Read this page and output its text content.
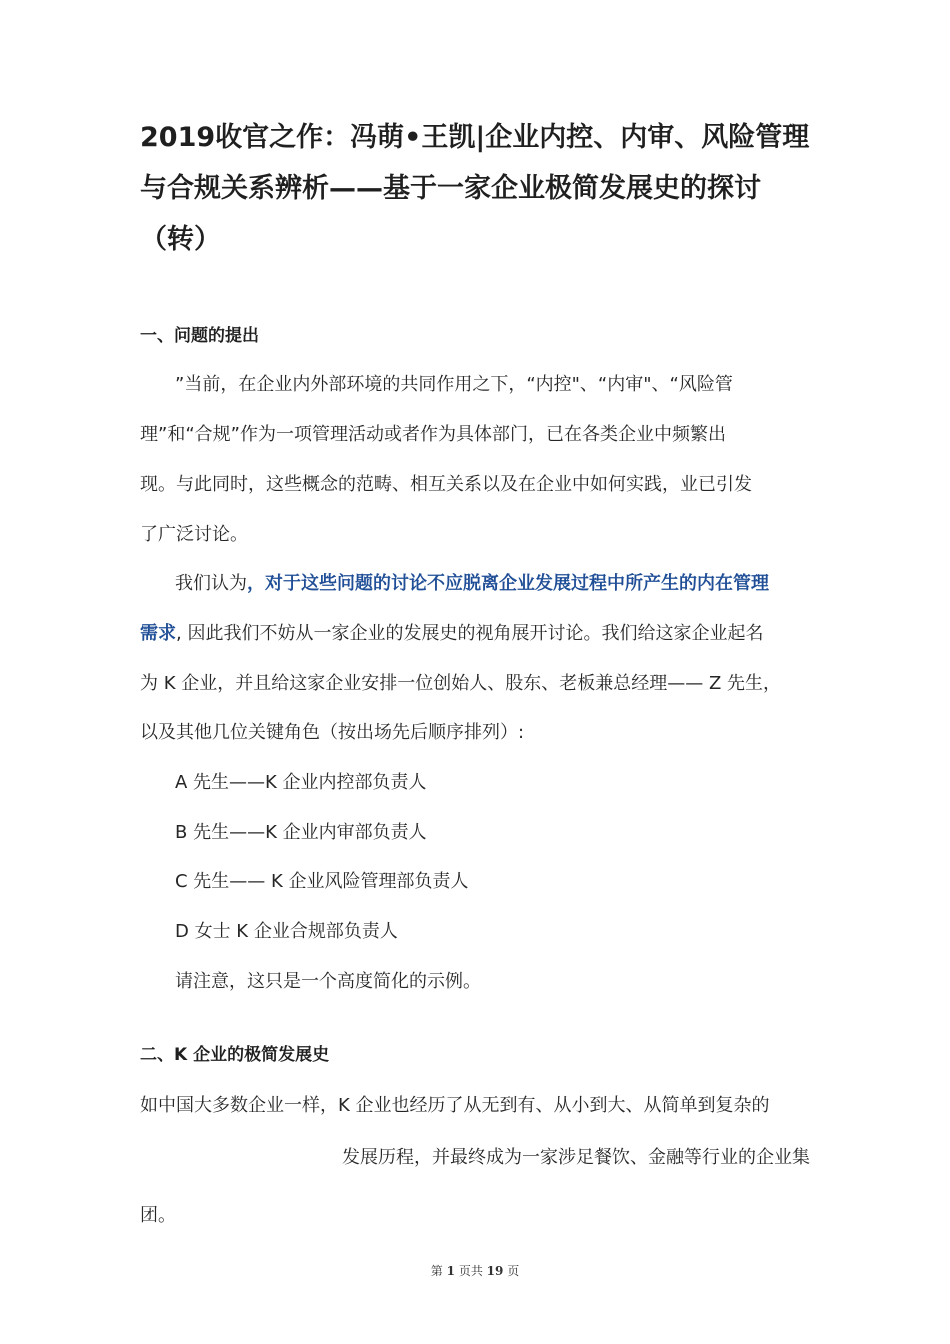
2019收官之作：冯萌•王凯|企业内控、内审、风险管理
与合规关系辨析——基于一家企业极简发展史的探讨
（转）
一、问题的提出

”当前，在企业内外部环境的共同作用之下，“内控"、“内审"、“风险管

理”和“合规”作为一项管理活动或者作为具体部门，已在各类企业中频繁出

现。与此同时，这些概念的范畴、相互关系以及在企业中如何实践，业已引发

了广泛讨论。

我们认为，对于这些问题的讨论不应脱离企业发展过程中所产生的内在管理

需求, 因此我们不妨从一家企业的发展史的视角展开讨论。我们给这家企业起名

为 K 企业，并且给这家企业安排一位创始人、股东、老板兼总经理—— Z 先生，

以及其他几位关键角色（按出场先后顺序排列）:

A 先生——K 企业内控部负责人

B 先生——K 企业内审部负责人

C 先生—— K 企业风险管理部负责人

D 女士 K 企业合规部负责人

请注意，这只是一个高度简化的示例。

二、K 企业的极简发展史

如中国大多数企业一样，K 企业也经历了从无到有、从小到大、从简单到复杂的

发展历程，并最终成为一家涉足餐饮、金融等行业的企业集

团。

第 1 页共 19 页
